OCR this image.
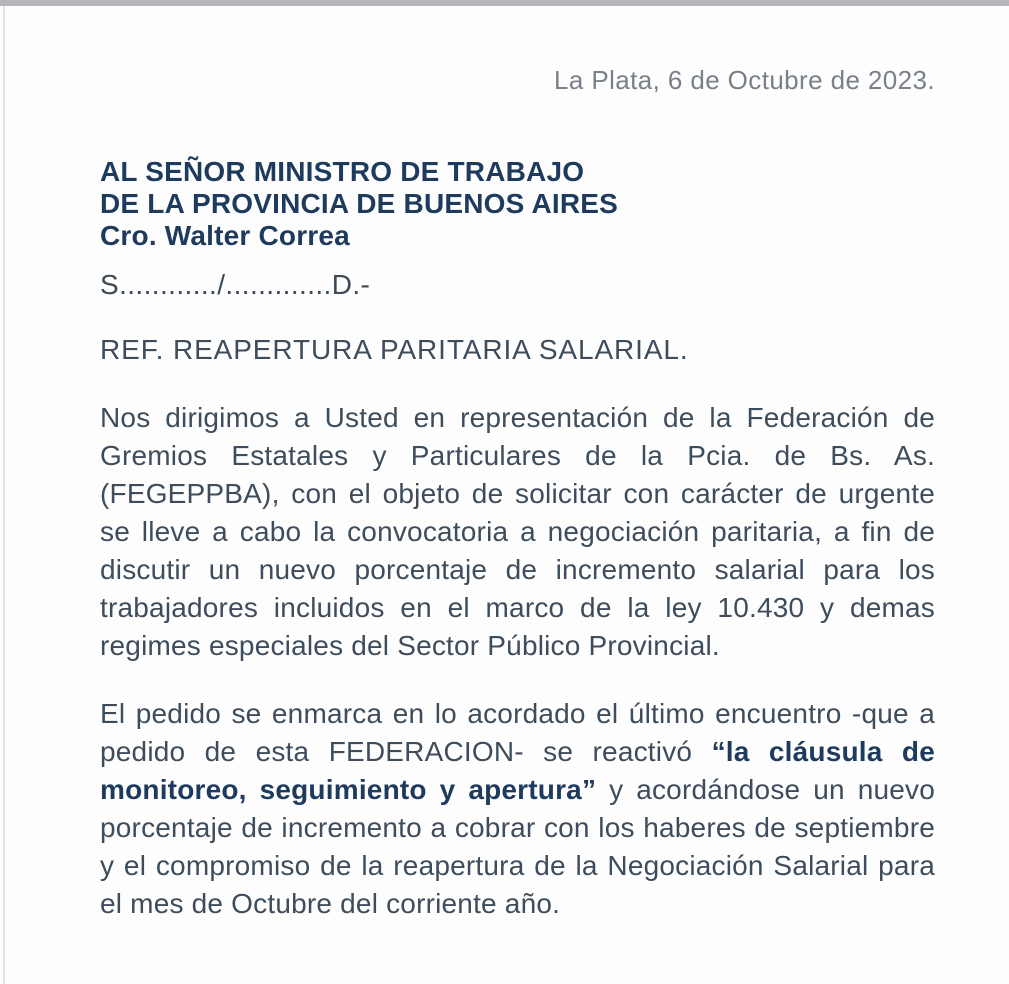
La Plata, 6 de Octubre de 2023.
AL SEÑOR MINISTRO DE TRABAJO
DE LA PROVINCIA DE BUENOS AIRES
Cro. Walter Correa
S............/.............D.-
REF. REAPERTURA PARITARIA SALARIAL.

Nos dirigimos a Usted en representación de la Federación de Gremios Estatales y Particulares de la Pcia. de Bs. As. (FEGEPPBA), con el objeto de solicitar con carácter de urgente se lleve a cabo la convocatoria a negociación paritaria, a fin de discutir un nuevo porcentaje de incremento salarial para los trabajadores incluidos en el marco de la ley 10.430 y demas regimes especiales del Sector Público Provincial.

El pedido se enmarca en lo acordado el último encuentro -que a pedido de esta FEDERACION- se reactivó “la cláusula de monitoreo, seguimiento y apertura” y acordándose un nuevo porcentaje de incremento a cobrar con los haberes de septiembre y el compromiso de la reapertura de la Negociación Salarial para el mes de Octubre del corriente año.
